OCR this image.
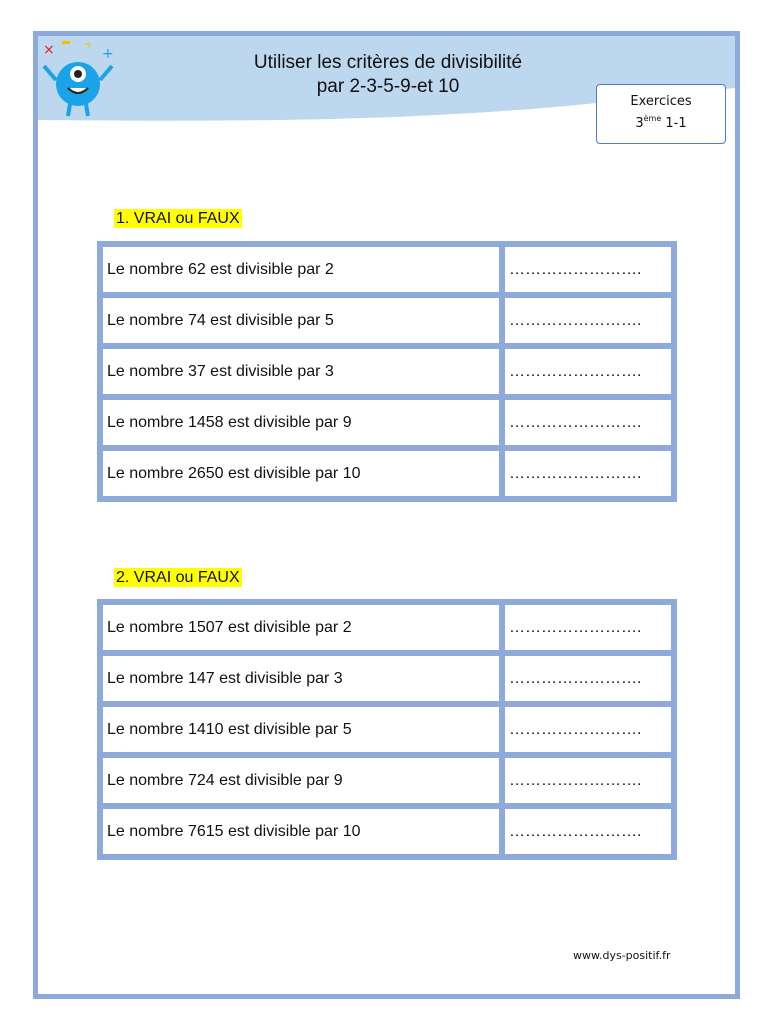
×	÷
+	Utiliser les critères de divisibilité
par 2-3-5-9-et 10
Exercices
3ème 1-1
1. VRAI ou FAUX
Le nombre 62 est divisible par 2	…………………….
Le nombre 74 est divisible par 5	…………………….
Le nombre 37 est divisible par 3	…………………….
Le nombre 1458 est divisible par 9	…………………….
Le nombre 2650 est divisible par 10	…………………….
2. VRAI ou FAUX
Le nombre 1507 est divisible par 2	…………………….
Le nombre 147 est divisible par 3	…………………….
Le nombre 1410 est divisible par 5	…………………….
Le nombre 724 est divisible par 9	…………………….
Le nombre 7615 est divisible par 10	…………………….
www.dys-positif.fr
